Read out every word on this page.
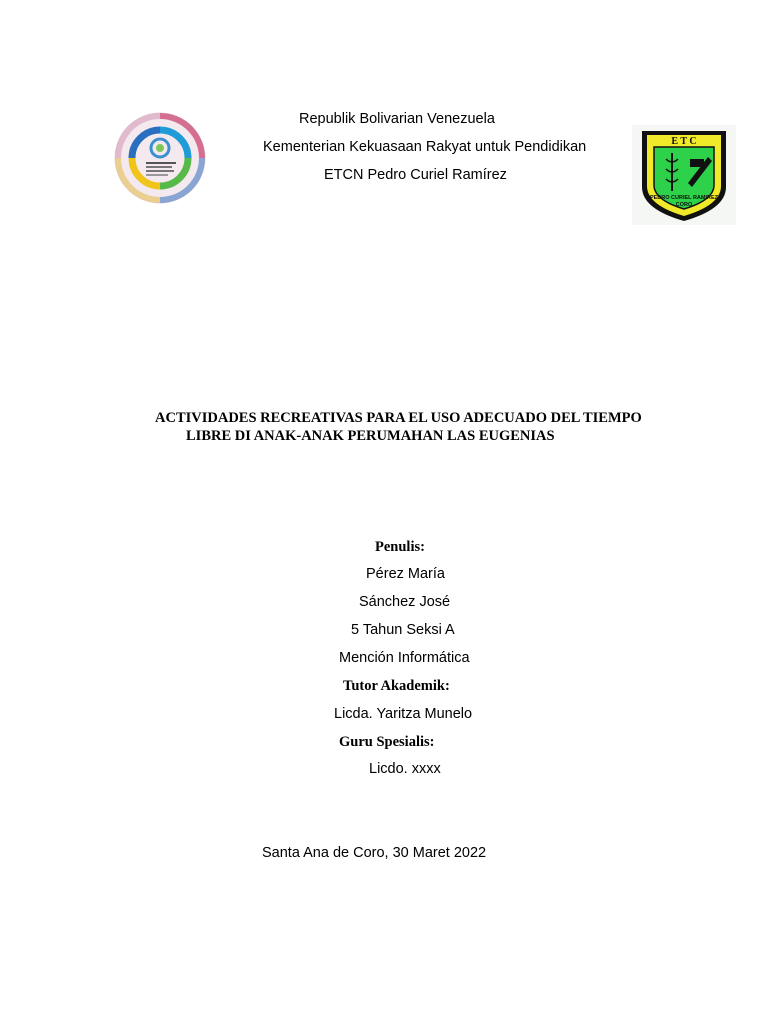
E T C
PEDRO CURIEL RAMIREZ
CORO
Republik Bolivarian Venezuela
Kementerian Kekuasaan Rakyat untuk Pendidikan
ETCN Pedro Curiel Ramírez
ACTIVIDADES RECREATIVAS PARA EL USO ADECUADO DEL TIEMPO
LIBRE DI ANAK-ANAK PERUMAHAN LAS EUGENIAS
Penulis:
Pérez María
Sánchez José
5 Tahun Seksi A
Mención Informática
Tutor Akademik:
Licda. Yaritza Munelo
Guru Spesialis:
Licdo. xxxx
Santa Ana de Coro, 30 Maret 2022
